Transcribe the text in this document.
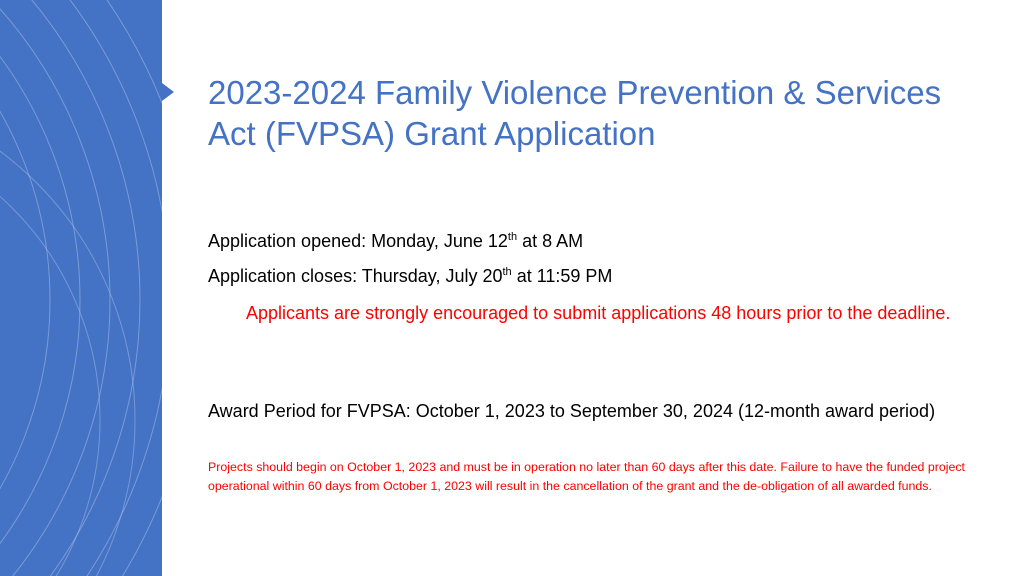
2023-2024 Family Violence Prevention & Services Act (FVPSA) Grant Application
Application opened: Monday, June 12th at 8 AM
Application closes: Thursday, July 20th at 11:59 PM
Applicants are strongly encouraged to submit applications 48 hours prior to the deadline.
Award Period for FVPSA: October 1, 2023 to September 30, 2024 (12-month award period)
Projects should begin on October 1, 2023 and must be in operation no later than 60 days after this date. Failure to have the funded project operational within 60 days from October 1, 2023 will result in the cancellation of the grant and the de-obligation of all awarded funds.
